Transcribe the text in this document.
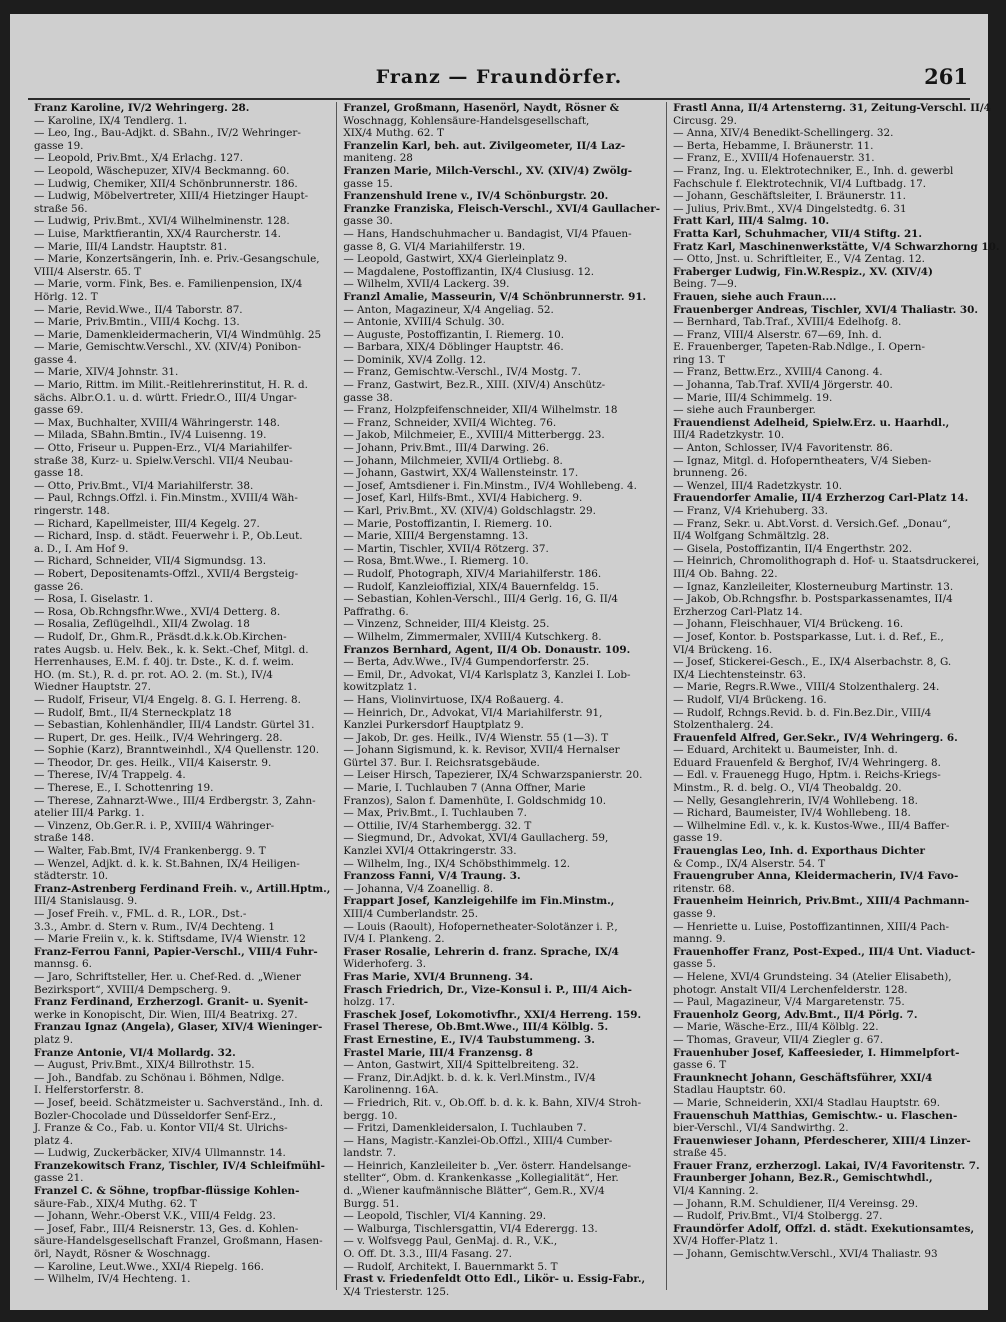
Franz — Fraundörfer.	261

Franz Karoline, IV/2 Wehringerg. 28.

— Karoline, IX/4 Tendlerg. 1.

— Leo, Ing., Bau-Adjkt. d. SBahn., IV/2 Wehringer-

gasse 19.

— Leopold, Priv.Bmt., X/4 Erlachg. 127.

— Leopold, Wäschepuzer, XIV/4 Beckmanng. 60.

— Ludwig, Chemiker, XII/4 Schönbrunnerstr. 186.

— Ludwig, Möbelvertreter, XIII/4 Hietzinger Haupt-

straße 56.

— Ludwig, Priv.Bmt., XVI/4 Wilhelminenstr. 128.

— Luise, Marktfierantin, XX/4 Raurcherstr. 14.

— Marie, III/4 Landstr. Hauptstr. 81.

— Marie, Konzertsängerin, Inh. e. Priv.-Gesangschule,

VIII/4 Alserstr. 65. T

— Marie, vorm. Fink, Bes. e. Familienpension, IX/4

Hörlg. 12. T

— Marie, Revid.Wwe., II/4 Taborstr. 87.

— Marie, Priv.Bmtin., VIII/4 Kochg. 13.

— Marie, Damenkleidermacherin, VI/4 Windmühlg. 25

— Marie, Gemischtw.Verschl., XV. (XIV/4) Ponibon-

gasse 4.

— Marie, XIV/4 Johnstr. 31.

— Mario, Rittm. im Milit.-Reitlehrerinstitut, H. R. d.

sächs. Albr.O.1. u. d. württ. Friedr.O., III/4 Ungar-

gasse 69.

— Max, Buchhalter, XVIII/4 Währingerstr. 148.

— Milada, SBahn.Bmtin., IV/4 Luisenng. 19.

— Otto, Friseur u. Puppen-Erz., VI/4 Mariahilfer-

straße 38, Kurz- u. Spielw.Verschl. VII/4 Neubau-

gasse 18.

— Otto, Priv.Bmt., VI/4 Mariahilferstr. 38.

— Paul, Rchngs.Offzl. i. Fin.Minstm., XVIII/4 Wäh-

ringerstr. 148.

— Richard, Kapellmeister, III/4 Kegelg. 27.

— Richard, Insp. d. städt. Feuerwehr i. P., Ob.Leut.

a. D., I. Am Hof 9.

— Richard, Schneider, VII/4 Sigmundsg. 13.

— Robert, Depositenamts-Offzl., XVII/4 Bergsteig-

gasse 26.

— Rosa, I. Giselastr. 1.

— Rosa, Ob.Rchngsfhr.Wwe., XVI/4 Detterg. 8.

— Rosalia, Zeflügelhdl., XII/4 Zwolag. 18

— Rudolf, Dr., Ghm.R., Präsdt.d.k.k.Ob.Kirchen-

rates Augsb. u. Helv. Bek., k. k. Sekt.-Chef, Mitgl. d.

Herrenhauses, E.M. f. 40j. tr. Dste., K. d. f. weim.

HO. (m. St.), R. d. pr. rot. AO. 2. (m. St.), IV/4

Wiedner Hauptstr. 27.

— Rudolf, Friseur, VI/4 Engelg. 8. G. I. Herreng. 8.

— Rudolf, Bmt., II/4 Sterneckplatz 18

— Sebastian, Kohlenhändler, III/4 Landstr. Gürtel 31.

— Rupert, Dr. ges. Heilk., IV/4 Wehringerg. 28.

— Sophie (Karz), Branntweinhdl., X/4 Quellenstr. 120.

— Theodor, Dr. ges. Heilk., VII/4 Kaiserstr. 9.

— Therese, IV/4 Trappelg. 4.

— Therese, E., I. Schottenring 19.

— Therese, Zahnarzt-Wwe., III/4 Erdbergstr. 3, Zahn-

atelier III/4 Parkg. 1.

— Vinzenz, Ob.Ger.R. i. P., XVIII/4 Währinger-

straße 148.

— Walter, Fab.Bmt, IV/4 Frankenbergg. 9. T

— Wenzel, Adjkt. d. k. k. St.Bahnen, IX/4 Heiligen-

städterstr. 10.

Franz-Astrenberg Ferdinand Freih. v., Artill.Hptm.,

III/4 Stanislausg. 9.

— Josef Freih. v., FML. d. R., LOR., Dst.-

3.3., Ambr. d. Stern v. Rum., IV/4 Dechteng. 1

— Marie Freiin v., k. k. Stiftsdame, IV/4 Wienstr. 12

Franz-Ferrou Fanni, Papier-Verschl., VIII/4 Fuhr-

mannsg. 6.

— Jaro, Schriftsteller, Her. u. Chef-Red. d. „Wiener

Bezirksport“, XVIII/4 Dempscherg. 9.

Franz Ferdinand, Erzherzogl. Granit- u. Syenit-

werke in Konopischt, Dir. Wien, III/4 Beatrixg. 27.

Franzau Ignaz (Angela), Glaser, XIV/4 Wieninger-

platz 9.

Franze Antonie, VI/4 Mollardg. 32.

— August, Priv.Bmt., XIX/4 Billrothstr. 15.

— Joh., Bandfab. zu Schönau i. Böhmen, Ndlge.

I. Helferstorferstr. 8.

— Josef, beeid. Schätzmeister u. Sachverständ., Inh. d.

Bozler-Chocolade und Düsseldorfer Senf-Erz.,

J. Franze & Co., Fab. u. Kontor VII/4 St. Ulrichs-

platz 4.

— Ludwig, Zuckerbäcker, XIV/4 Ullmannstr. 14.

Franzekowitsch Franz, Tischler, IV/4 Schleifmühl-

gasse 21.

Franzel C. & Söhne, tropfbar-flüssige Kohlen-

säure-Fab., XIX/4 Muthg. 62. T

— Johann, Wehr.-Oberst V.K., VIII/4 Feldg. 23.

— Josef, Fabr., III/4 Reisnerstr. 13, Ges. d. Kohlen-

säure-Handelsgesellschaft Franzel, Großmann, Hasen-

örl, Naydt, Rösner & Woschnagg.

— Karoline, Leut.Wwe., XXI/4 Riepelg. 166.

— Wilhelm, IV/4 Hechteng. 1.

Franzel, Großmann, Hasenörl, Naydt, Rösner &

Woschnagg, Kohlensäure-Handelsgesellschaft,

XIX/4 Muthg. 62. T

Franzelin Karl, beh. aut. Zivilgeometer, II/4 Laz-

maniteng. 28

Franzen Marie, Milch-Verschl., XV. (XIV/4) Zwölg-

gasse 15.

Franzenshuld Irene v., IV/4 Schönburgstr. 20.

Franzke Franziska, Fleisch-Verschl., XVI/4 Gaullacher-

gasse 30.

— Hans, Handschuhmacher u. Bandagist, VI/4 Pfauen-

gasse 8, G. VI/4 Mariahilferstr. 19.

— Leopold, Gastwirt, XX/4 Gierleinplatz 9.

— Magdalene, Postoffizantin, IX/4 Clusiusg. 12.

— Wilhelm, XVII/4 Lackerg. 39.

Franzl Amalie, Masseurin, V/4 Schönbrunnerstr. 91.

— Anton, Magazineur, X/4 Angeliag. 52.

— Antonie, XVIII/4 Schulg. 30.

— Auguste, Postoffizantin, I. Riemerg. 10.

— Barbara, XIX/4 Döblinger Hauptstr. 46.

— Dominik, XV/4 Zollg. 12.

— Franz, Gemischtw.-Verschl., IV/4 Mostg. 7.

— Franz, Gastwirt, Bez.R., XIII. (XIV/4) Anschütz-

gasse 38.

— Franz, Holzpfeifenschneider, XII/4 Wilhelmstr. 18

— Franz, Schneider, XVII/4 Wichteg. 76.

— Jakob, Milchmeier, E., XVIII/4 Mitterbergg. 23.

— Johann, Priv.Bmt., III/4 Darwing. 26.

— Johann, Milchmeier, XVII/4 Ortliebg. 8.

— Johann, Gastwirt, XX/4 Wallensteinstr. 17.

— Josef, Amtsdiener i. Fin.Minstm., IV/4 Wohllebeng. 4.

— Josef, Karl, Hilfs-Bmt., XVI/4 Habicherg. 9.

— Karl, Priv.Bmt., XV. (XIV/4) Goldschlagstr. 29.

— Marie, Postoffizantin, I. Riemerg. 10.

— Marie, XIII/4 Bergenstamng. 13.

— Martin, Tischler, XVII/4 Rötzerg. 37.

— Rosa, Bmt.Wwe., I. Riemerg. 10.

— Rudolf, Photograph, XIV/4 Mariahilferstr. 186.

— Rudolf, Kanzleioffizial, XIX/4 Bauernfeldg. 15.

— Sebastian, Kohlen-Verschl., III/4 Gerlg. 16, G. II/4

Paffrathg. 6.

— Vinzenz, Schneider, III/4 Kleistg. 25.

— Wilhelm, Zimmermaler, XVIII/4 Kutschkerg. 8.

Franzos Bernhard, Agent, II/4 Ob. Donaustr. 109.

— Berta, Adv.Wwe., IV/4 Gumpendorferstr. 25.

— Emil, Dr., Advokat, VI/4 Karlsplatz 3, Kanzlei I. Lob-

kowitzplatz 1.

— Hans, Violinvirtuose, IX/4 Roßauerg. 4.

— Heinrich, Dr., Advokat, VI/4 Mariahilferstr. 91,

Kanzlei Purkersdorf Hauptplatz 9.

— Jakob, Dr. ges. Heilk., IV/4 Wienstr. 55 (1—3). T

— Johann Sigismund, k. k. Revisor, XVII/4 Hernalser

Gürtel 37. Bur. I. Reichsratsgebäude.

— Leiser Hirsch, Tapezierer, IX/4 Schwarzspanierstr. 20.

— Marie, I. Tuchlauben 7 (Anna Offner, Marie

Franzos), Salon f. Damenhüte, I. Goldschmidg 10.

— Max, Priv.Bmt., I. Tuchlauben 7.

— Ottilie, IV/4 Starhembergg. 32. T

— Siegmund, Dr., Advokat, XVI/4 Gaullacherg. 59,

Kanzlei XVI/4 Ottakringerstr. 33.

— Wilhelm, Ing., IX/4 Schöbsthimmelg. 12.

Franzoss Fanni, V/4 Traung. 3.

— Johanna, V/4 Zoanellig. 8.

Frappart Josef, Kanzleigehilfe im Fin.Minstm.,

XIII/4 Cumberlandstr. 25.

— Louis (Raoult), Hofopernetheater-Solotänzer i. P.,

IV/4 I. Plankeng. 2.

Fraser Rosalie, Lehrerin d. franz. Sprache, IX/4

Widerhoferg. 3.

Fras Marie, XVI/4 Brunneng. 34.

Frasch Friedrich, Dr., Vize-Konsul i. P., III/4 Aich-

holzg. 17.

Fraschek Josef, Lokomotivfhr., XXI/4 Herreng. 159.

Frasel Therese, Ob.Bmt.Wwe., III/4 Kölblg. 5.

Frast Ernestine, E., IV/4 Taubstummeng. 3.

Frastel Marie, III/4 Franzensg. 8

— Anton, Gastwirt, XII/4 Spittelbreiteng. 32.

— Franz, Dir.Adjkt. b. d. k. k. Verl.Minstm., IV/4

Karolinenng. 16A.

— Friedrich, Rit. v., Ob.Off. b. d. k. k. Bahn, XIV/4 Stroh-

bergg. 10.

— Fritzi, Damenkleidersalon, I. Tuchlauben 7.

— Hans, Magistr.-Kanzlei-Ob.Offzl., XIII/4 Cumber-

landstr. 7.

— Heinrich, Kanzleileiter b. „Ver. österr. Handelsange-

stellter“, Obm. d. Krankenkasse „Kollegialität“, Her.

d. „Wiener kaufmännische Blätter“, Gem.R., XV/4

Burgg. 51.

— Leopold, Tischler, VI/4 Kanning. 29.

— Walburga, Tischlersgattin, VI/4 Ederergg. 13.

— v. Wolfsvegg Paul, GenMaj. d. R., V.K.,

O. Off. Dt. 3.3., III/4 Fasang. 27.

— Rudolf, Architekt, I. Bauernmarkt 5. T

Frast v. Friedenfeldt Otto Edl., Likör- u. Essig-Fabr.,

X/4 Triesterstr. 125.

Frastl Anna, II/4 Artensterng. 31, Zeitung-Verschl. II/4

Circusg. 29.

— Anna, XIV/4 Benedikt-Schellingerg. 32.

— Berta, Hebamme, I. Bräunerstr. 11.

— Franz, E., XVIII/4 Hofenauerstr. 31.

— Franz, Ing. u. Elektrotechniker, E., Inh. d. gewerbl

Fachschule f. Elektrotechnik, VI/4 Luftbadg. 17.

— Johann, Geschäftsleiter, I. Bräunerstr. 11.

— Julius, Priv.Bmt., XV/4 Dingelstedtg. 6. 31

Fratt Karl, III/4 Salmg. 10.

Fratta Karl, Schuhmacher, VII/4 Stiftg. 21.

Fratz Karl, Maschinenwerkstätte, V/4 Schwarzhorng 10.

— Otto, Jnst. u. Schriftleiter, E., V/4 Zentag. 12.

Fraberger Ludwig, Fin.W.Respiz., XV. (XIV/4)

Being. 7—9.

Frauen, siehe auch Fraun....

Frauenberger Andreas, Tischler, XVI/4 Thaliastr. 30.

— Bernhard, Tab.Traf., XVIII/4 Edelhofg. 8.

— Franz, VIII/4 Alserstr. 67—69, Inh. d.

E. Frauenberger, Tapeten-Rab.Ndlge., I. Opern-

ring 13. T

— Franz, Bettw.Erz., XVIII/4 Canong. 4.

— Johanna, Tab.Traf. XVII/4 Jörgerstr. 40.

— Marie, III/4 Schimmelg. 19.

— siehe auch Fraunberger.

Frauendienst Adelheid, Spielw.Erz. u. Haarhdl.,

III/4 Radetzkystr. 10.

— Anton, Schlosser, IV/4 Favoritenstr. 86.

— Ignaz, Mitgl. d. Hofoperntheaters, V/4 Sieben-

brunneng. 26.

— Wenzel, III/4 Radetzkystr. 10.

Frauendorfer Amalie, II/4 Erzherzog Carl-Platz 14.

— Franz, V/4 Kriehuberg. 33.

— Franz, Sekr. u. Abt.Vorst. d. Versich.Gef. „Donau“,

II/4 Wolfgang Schmältzlg. 28.

— Gisela, Postoffizantin, II/4 Engerthstr. 202.

— Heinrich, Chromolithograph d. Hof- u. Staatsdruckerei,

III/4 Ob. Bahng. 22.

— Ignaz, Kanzleileiter, Klosterneuburg Martinstr. 13.

— Jakob, Ob.Rchngsfhr. b. Postsparkassenamtes, II/4

Erzherzog Carl-Platz 14.

— Johann, Fleischhauer, VI/4 Brückeng. 16.

— Josef, Kontor. b. Postsparkasse, Lut. i. d. Ref., E.,

VI/4 Brückeng. 16.

— Josef, Stickerei-Gesch., E., IX/4 Alserbachstr. 8, G.

IX/4 Liechtensteinstr. 63.

— Marie, Regrs.R.Wwe., VIII/4 Stolzenthalerg. 24.

— Rudolf, VI/4 Brückeng. 16.

— Rudolf, Rchngs.Revid. b. d. Fin.Bez.Dir., VIII/4

Stolzenthalerg. 24.

Frauenfeld Alfred, Ger.Sekr., IV/4 Wehringerg. 6.

— Eduard, Architekt u. Baumeister, Inh. d.

Eduard Frauenfeld & Berghof, IV/4 Wehringerg. 8.

— Edl. v. Frauenegg Hugo, Hptm. i. Reichs-Kriegs-

Minstm., R. d. belg. O., VI/4 Theobaldg. 20.

— Nelly, Gesanglehrerin, IV/4 Wohllebeng. 18.

— Richard, Baumeister, IV/4 Wohllebeng. 18.

— Wilhelmine Edl. v., k. k. Kustos-Wwe., III/4 Baffer-

gasse 19.

Frauenglas Leo, Inh. d. Exporthaus Dichter

& Comp., IX/4 Alserstr. 54. T

Frauengruber Anna, Kleidermacherin, IV/4 Favo-

ritenstr. 68.

Frauenheim Heinrich, Priv.Bmt., XIII/4 Pachmann-

gasse 9.

— Henriette u. Luise, Postoffizantinnen, XIII/4 Pach-

manng. 9.

Frauenhoffer Franz, Post-Exped., III/4 Unt. Viaduct-

gasse 5.

— Helene, XVI/4 Grundsteing. 34 (Atelier Elisabeth),

photogr. Anstalt VII/4 Lerchenfelderstr. 128.

— Paul, Magazineur, V/4 Margaretenstr. 75.

Frauenholz Georg, Adv.Bmt., II/4 Pörlg. 7.

— Marie, Wäsche-Erz., III/4 Kölblg. 22.

— Thomas, Graveur, VII/4 Ziegler g. 67.

Frauenhuber Josef, Kaffeesieder, I. Himmelpfort-

gasse 6. T

Fraunknecht Johann, Geschäftsführer, XXI/4

Stadlau Hauptstr. 60.

— Marie, Schneiderin, XXI/4 Stadlau Hauptstr. 69.

Frauenschuh Matthias, Gemischtw.- u. Flaschen-

bier-Verschl., VI/4 Sandwirthg. 2.

Frauenwieser Johann, Pferdescherer, XIII/4 Linzer-

straße 45.

Frauer Franz, erzherzogl. Lakai, IV/4 Favoritenstr. 7.

Fraunberger Johann, Bez.R., Gemischtwhdl.,

VI/4 Kanning. 2.

— Johann, R.M. Schuldiener, II/4 Vereinsg. 29.

— Rudolf, Priv.Bmt., VI/4 Stolbergg. 27.

Fraundörfer Adolf, Offzl. d. städt. Exekutionsamtes,

XV/4 Hoffer-Platz 1.

— Johann, Gemischtw.Verschl., XVI/4 Thaliastr. 93
